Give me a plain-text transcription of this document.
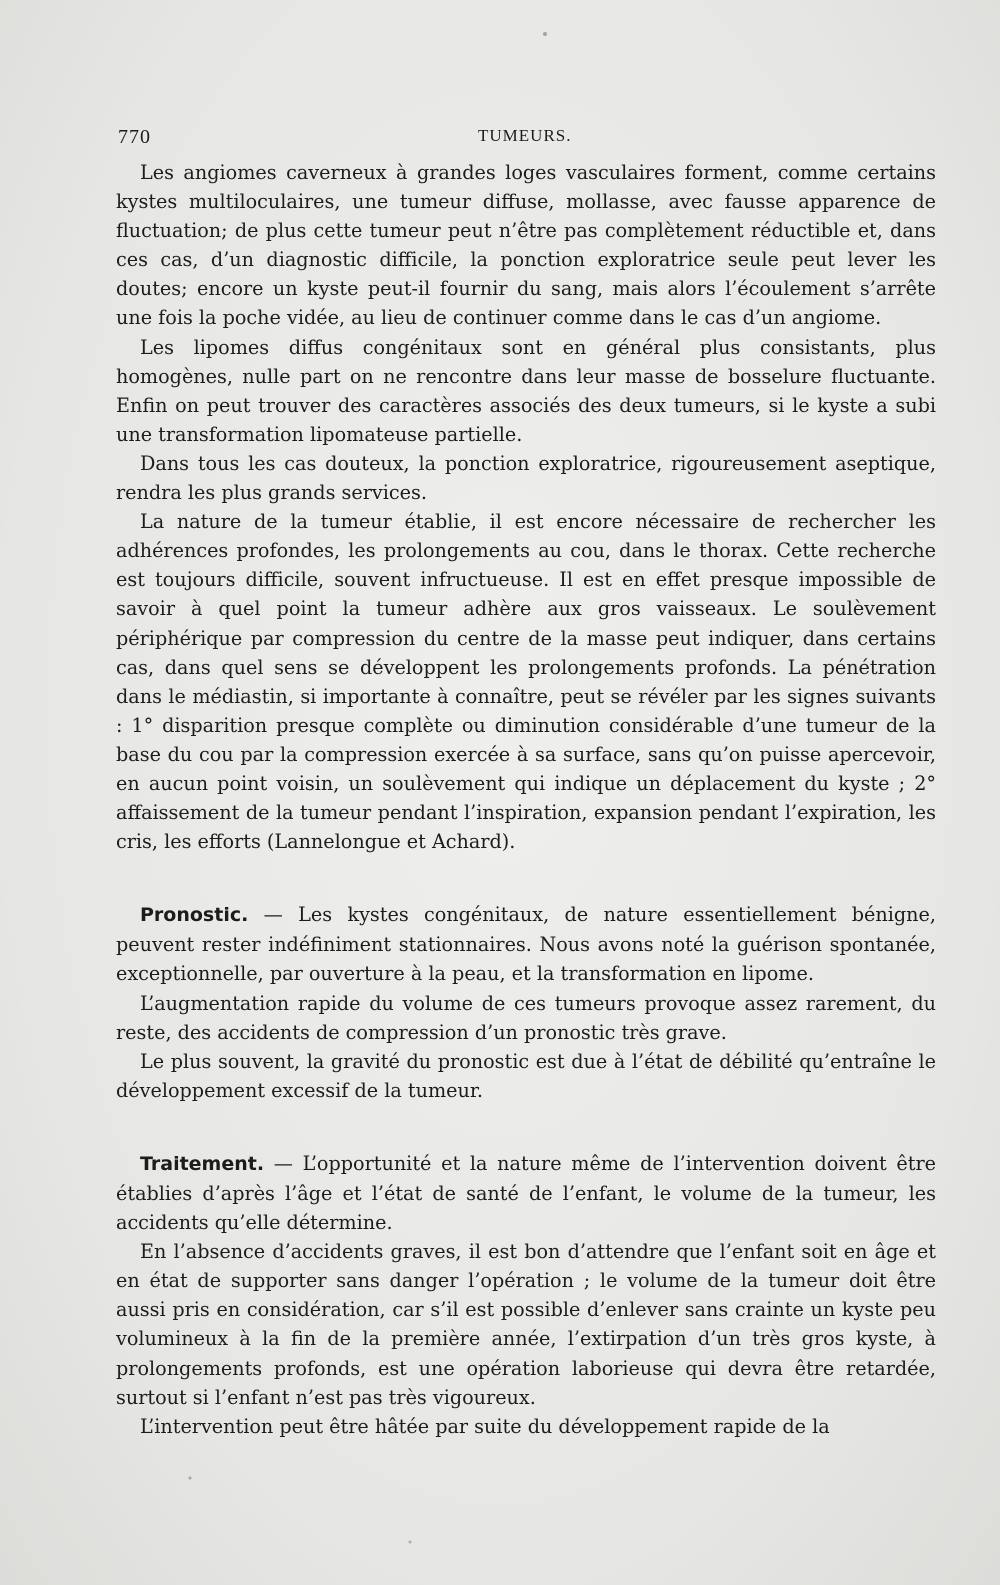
770	TUMEURS.

Les angiomes caverneux à grandes loges vasculaires forment, comme certains kystes multiloculaires, une tumeur diffuse, mollasse, avec fausse apparence de fluctuation; de plus cette tumeur peut n’être pas complètement réductible et, dans ces cas, d’un diagnostic difficile, la ponction exploratrice seule peut lever les doutes; encore un kyste peut-il fournir du sang, mais alors l’écoulement s’arrête une fois la poche vidée, au lieu de continuer comme dans le cas d’un angiome.

Les lipomes diffus congénitaux sont en général plus consistants, plus homogènes, nulle part on ne rencontre dans leur masse de bosselure fluctuante. Enfin on peut trouver des caractères associés des deux tumeurs, si le kyste a subi une transformation lipomateuse partielle.

Dans tous les cas douteux, la ponction exploratrice, rigoureusement aseptique, rendra les plus grands services.

La nature de la tumeur établie, il est encore nécessaire de rechercher les adhérences profondes, les prolongements au cou, dans le thorax. Cette recherche est toujours difficile, souvent infructueuse. Il est en effet presque impossible de savoir à quel point la tumeur adhère aux gros vaisseaux. Le soulèvement périphérique par compression du centre de la masse peut indiquer, dans certains cas, dans quel sens se développent les prolongements profonds. La pénétration dans le médiastin, si importante à connaître, peut se révéler par les signes suivants : 1° disparition presque complète ou diminution considérable d’une tumeur de la base du cou par la compression exercée à sa surface, sans qu’on puisse apercevoir, en aucun point voisin, un soulèvement qui indique un déplacement du kyste ; 2° affaissement de la tumeur pendant l’inspiration, expansion pendant l’expiration, les cris, les efforts (Lannelongue et Achard).

Pronostic. — Les kystes congénitaux, de nature essentiellement bénigne, peuvent rester indéfiniment stationnaires. Nous avons noté la guérison spontanée, exceptionnelle, par ouverture à la peau, et la transformation en lipome.

L’augmentation rapide du volume de ces tumeurs provoque assez rarement, du reste, des accidents de compression d’un pronostic très grave.

Le plus souvent, la gravité du pronostic est due à l’état de débilité qu’entraîne le développement excessif de la tumeur.

Traitement. — L’opportunité et la nature même de l’intervention doivent être établies d’après l’âge et l’état de santé de l’enfant, le volume de la tumeur, les accidents qu’elle détermine.

En l’absence d’accidents graves, il est bon d’attendre que l’enfant soit en âge et en état de supporter sans danger l’opération ; le volume de la tumeur doit être aussi pris en considération, car s’il est possible d’enlever sans crainte un kyste peu volumineux à la fin de la première année, l’extirpation d’un très gros kyste, à prolongements profonds, est une opération laborieuse qui devra être retardée, surtout si l’enfant n’est pas très vigoureux.

L’intervention peut être hâtée par suite du développement rapide de la
